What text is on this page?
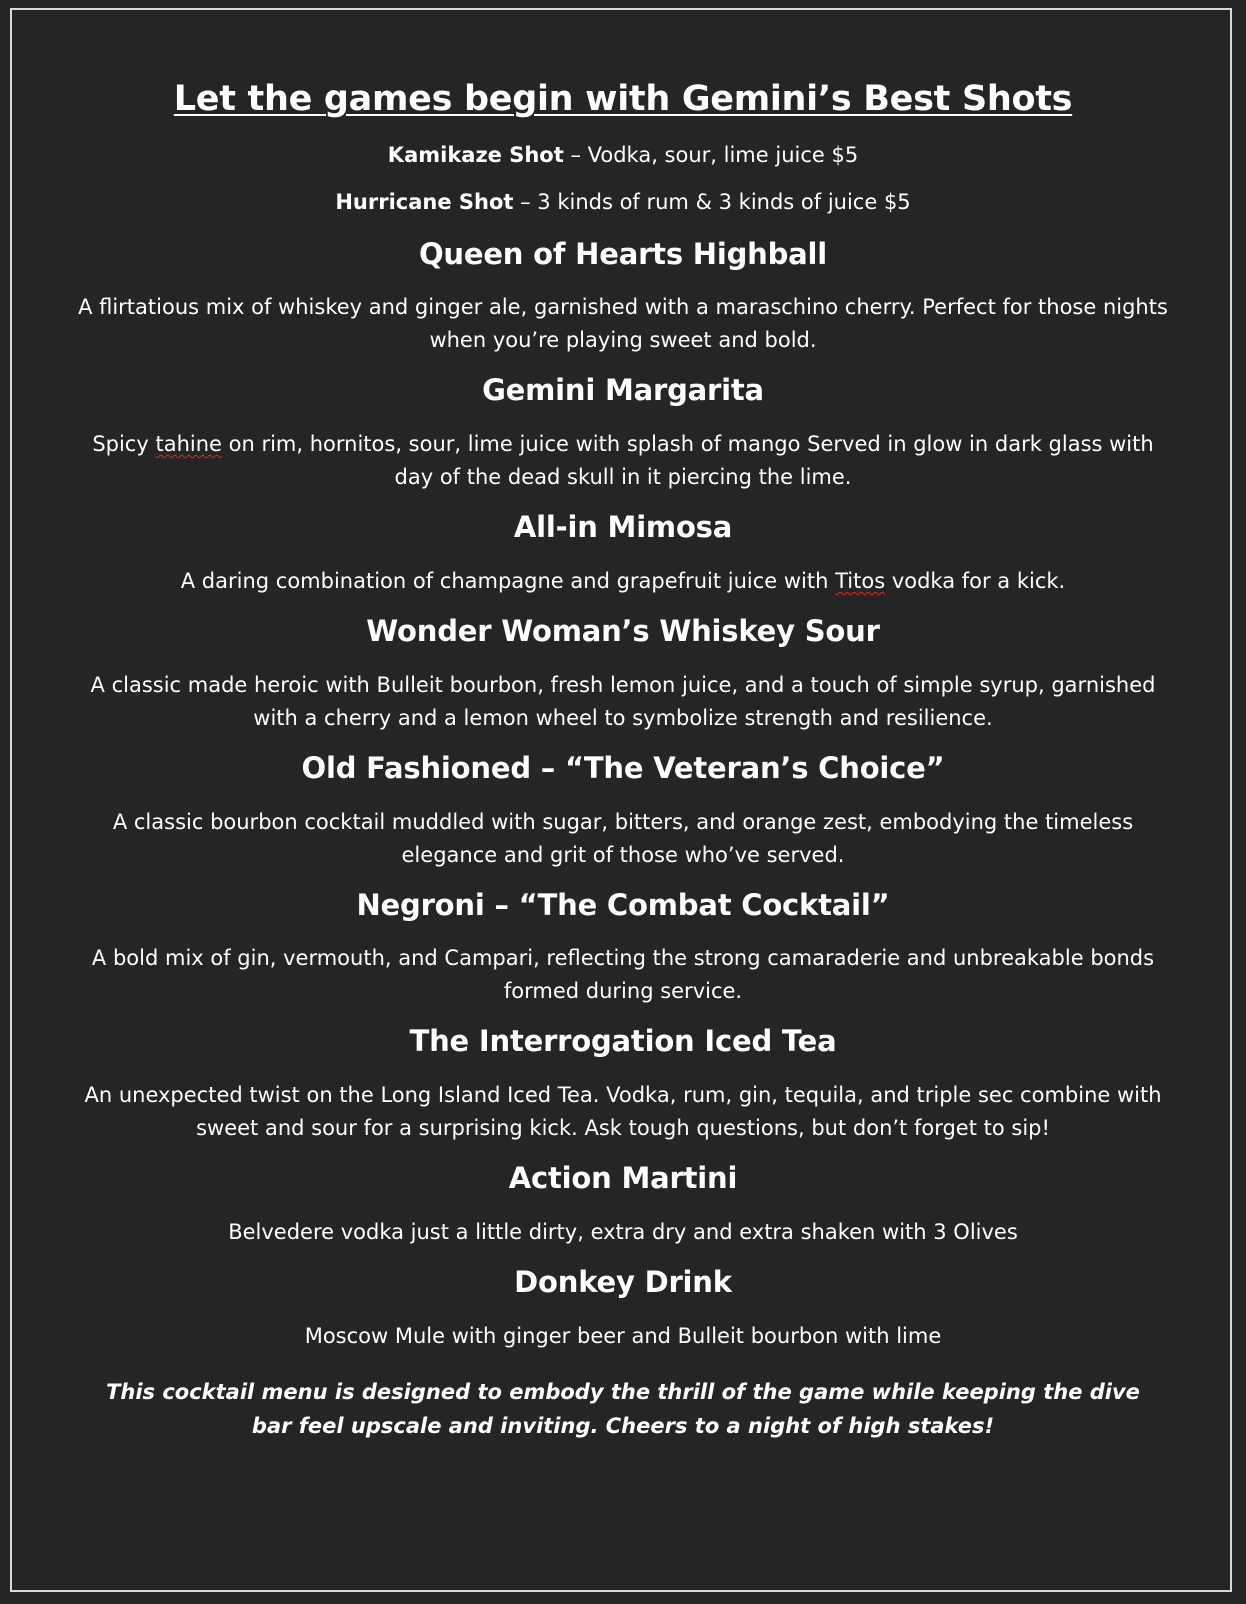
Let the games begin with Gemini’s Best Shots

Kamikaze Shot – Vodka, sour, lime juice $5

Hurricane Shot – 3 kinds of rum & 3 kinds of juice $5

Queen of Hearts Highball

A flirtatious mix of whiskey and ginger ale, garnished with a maraschino cherry. Perfect for those nights when you’re playing sweet and bold.

Gemini Margarita

Spicy tahine on rim, hornitos, sour, lime juice with splash of mango Served in glow in dark glass with day of the dead skull in it piercing the lime.

All-in Mimosa

A daring combination of champagne and grapefruit juice with Titos vodka for a kick.

Wonder Woman’s Whiskey Sour

A classic made heroic with Bulleit bourbon, fresh lemon juice, and a touch of simple syrup, garnished with a cherry and a lemon wheel to symbolize strength and resilience.

Old Fashioned – “The Veteran’s Choice”

A classic bourbon cocktail muddled with sugar, bitters, and orange zest, embodying the timeless elegance and grit of those who’ve served.

Negroni – “The Combat Cocktail”

A bold mix of gin, vermouth, and Campari, reflecting the strong camaraderie and unbreakable bonds formed during service.

The Interrogation Iced Tea

An unexpected twist on the Long Island Iced Tea. Vodka, rum, gin, tequila, and triple sec combine with sweet and sour for a surprising kick. Ask tough questions, but don’t forget to sip!

Action Martini

Belvedere vodka just a little dirty, extra dry and extra shaken with 3 Olives

Donkey Drink

Moscow Mule with ginger beer and Bulleit bourbon with lime

This cocktail menu is designed to embody the thrill of the game while keeping the dive bar feel upscale and inviting. Cheers to a night of high stakes!
